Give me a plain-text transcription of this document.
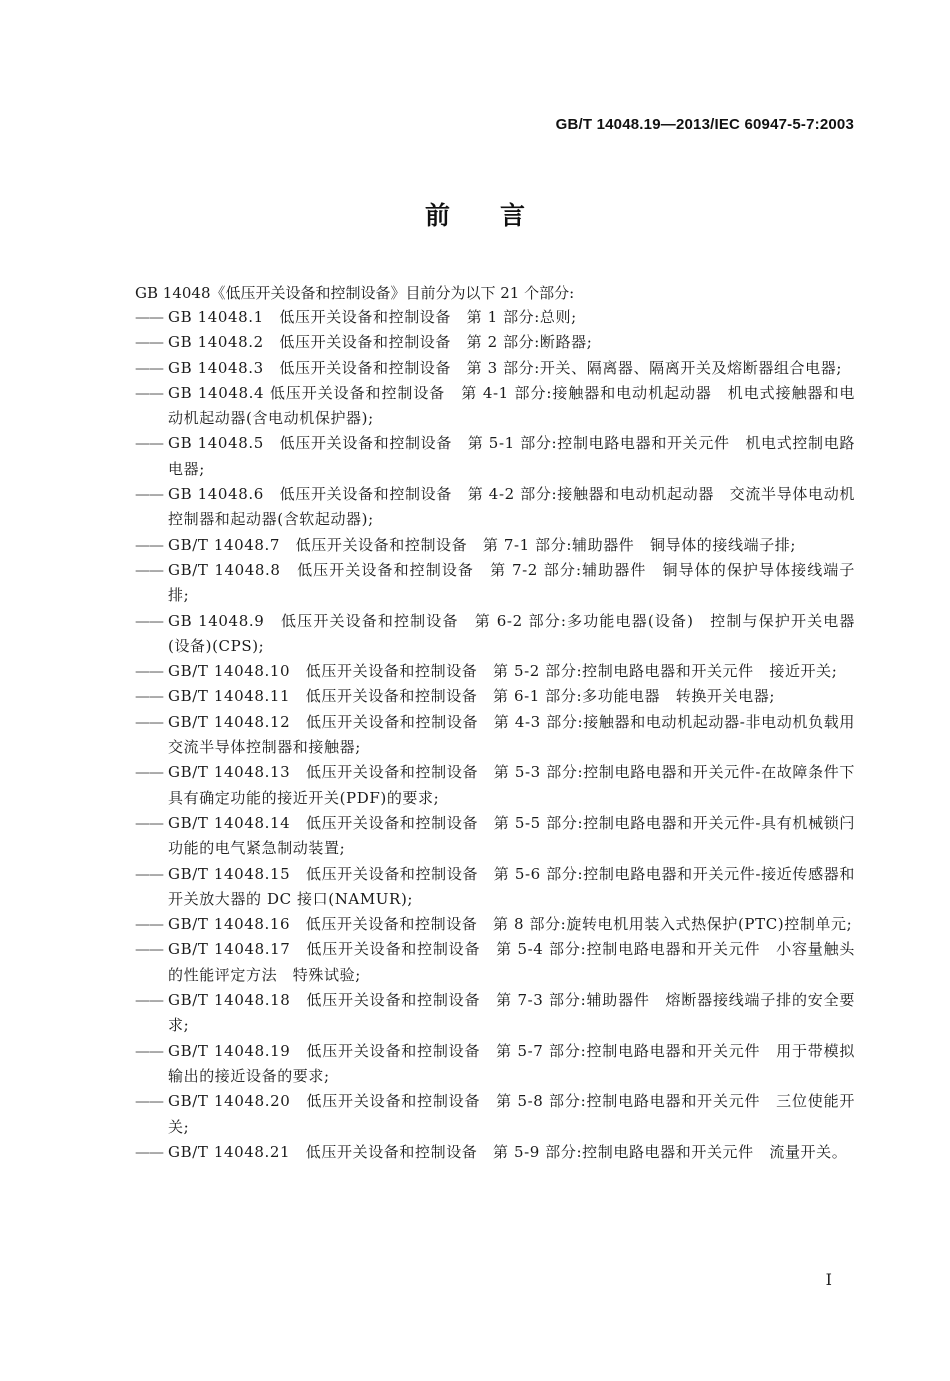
GB/T 14048.19—2013/IEC 60947-5-7:2003
前言
GB 14048《低压开关设备和控制设备》目前分为以下 21 个部分:
—— GB 14048.1　低压开关设备和控制设备　第 1 部分:总则;
—— GB 14048.2　低压开关设备和控制设备　第 2 部分:断路器;
—— GB 14048.3　低压开关设备和控制设备　第 3 部分:开关、隔离器、隔离开关及熔断器组合电器;
—— GB 14048.4 低压开关设备和控制设备　第 4-1 部分:接触器和电动机起动器　机电式接触器和电动机起动器(含电动机保护器);
—— GB 14048.5　低压开关设备和控制设备　第 5-1 部分:控制电路电器和开关元件　机电式控制电路电器;
—— GB 14048.6　低压开关设备和控制设备　第 4-2 部分:接触器和电动机起动器　交流半导体电动机控制器和起动器(含软起动器);
—— GB/T 14048.7　低压开关设备和控制设备　第 7-1 部分:辅助器件　铜导体的接线端子排;
—— GB/T 14048.8　低压开关设备和控制设备　第 7-2 部分:辅助器件　铜导体的保护导体接线端子排;
—— GB 14048.9　低压开关设备和控制设备　第 6-2 部分:多功能电器(设备)　控制与保护开关电器(设备)(CPS);
—— GB/T 14048.10　低压开关设备和控制设备　第 5-2 部分:控制电路电器和开关元件　接近开关;
—— GB/T 14048.11　低压开关设备和控制设备　第 6-1 部分:多功能电器　转换开关电器;
—— GB/T 14048.12　低压开关设备和控制设备　第 4-3 部分:接触器和电动机起动器-非电动机负载用交流半导体控制器和接触器;
—— GB/T 14048.13　低压开关设备和控制设备　第 5-3 部分:控制电路电器和开关元件-在故障条件下具有确定功能的接近开关(PDF)的要求;
—— GB/T 14048.14　低压开关设备和控制设备　第 5-5 部分:控制电路电器和开关元件-具有机械锁闩功能的电气紧急制动装置;
—— GB/T 14048.15　低压开关设备和控制设备　第 5-6 部分:控制电路电器和开关元件-接近传感器和开关放大器的 DC 接口(NAMUR);
—— GB/T 14048.16　低压开关设备和控制设备　第 8 部分:旋转电机用装入式热保护(PTC)控制单元;
—— GB/T 14048.17　低压开关设备和控制设备　第 5-4 部分:控制电路电器和开关元件　小容量触头的性能评定方法　特殊试验;
—— GB/T 14048.18　低压开关设备和控制设备　第 7-3 部分:辅助器件　熔断器接线端子排的安全要求;
—— GB/T 14048.19　低压开关设备和控制设备　第 5-7 部分:控制电路电器和开关元件　用于带模拟输出的接近设备的要求;
—— GB/T 14048.20　低压开关设备和控制设备　第 5-8 部分:控制电路电器和开关元件　三位使能开关;
—— GB/T 14048.21　低压开关设备和控制设备　第 5-9 部分:控制电路电器和开关元件　流量开关。
I
